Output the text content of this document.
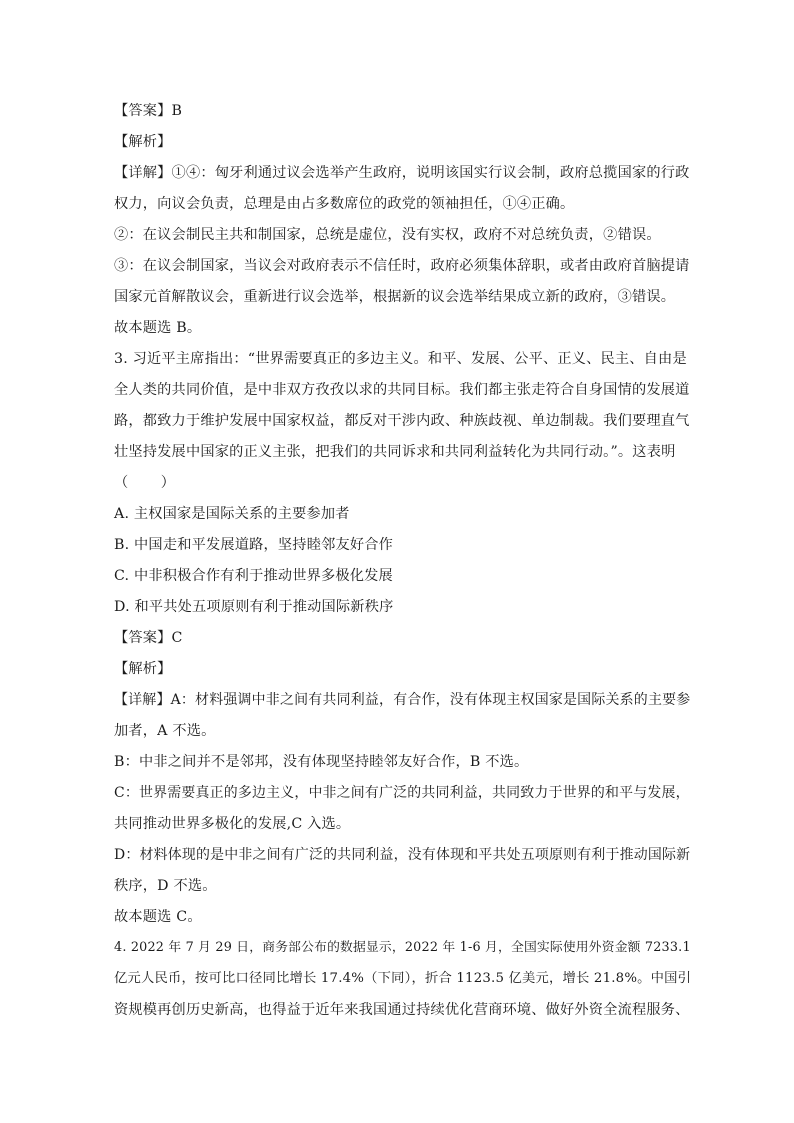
【答案】B
【解析】
【详解】①④：匈牙利通过议会选举产生政府，说明该国实行议会制，政府总揽国家的行政
权力，向议会负责，总理是由占多数席位的政党的领袖担任，①④正确。
②：在议会制民主共和制国家，总统是虚位，没有实权，政府不对总统负责，②错误。
③：在议会制国家，当议会对政府表示不信任时，政府必须集体辞职，或者由政府首脑提请
国家元首解散议会，重新进行议会选举，根据新的议会选举结果成立新的政府，③错误。
故本题选 B。
3. 习近平主席指出：“世界需要真正的多边主义。和平、发展、公平、正义、民主、自由是
全人类的共同价值，是中非双方孜孜以求的共同目标。我们都主张走符合自身国情的发展道
路，都致力于维护发展中国家权益，都反对干涉内政、种族歧视、单边制裁。我们要理直气
壮坚持发展中国家的正义主张，把我们的共同诉求和共同利益转化为共同行动。”。这表明
（ ）
A. 主权国家是国际关系的主要参加者
B. 中国走和平发展道路，坚持睦邻友好合作
C. 中非积极合作有利于推动世界多极化发展
D. 和平共处五项原则有利于推动国际新秩序
【答案】C
【解析】
【详解】A：材料强调中非之间有共同利益，有合作，没有体现主权国家是国际关系的主要参
加者，A 不选。
B：中非之间并不是邻邦，没有体现坚持睦邻友好合作，B 不选。
C：世界需要真正的多边主义，中非之间有广泛的共同利益，共同致力于世界的和平与发展，
共同推动世界多极化的发展,C 入选。
D：材料体现的是中非之间有广泛的共同利益，没有体现和平共处五项原则有利于推动国际新
秩序，D 不选。
故本题选 C。
4. 2022 年 7 月 29 日，商务部公布的数据显示，2022 年 1-6 月，全国实际使用外资金额 7233.1
亿元人民币，按可比口径同比增长 17.4%（下同），折合 1123.5 亿美元，增长 21.8%。中国引
资规模再创历史新高，也得益于近年来我国通过持续优化营商环境、做好外资全流程服务、
